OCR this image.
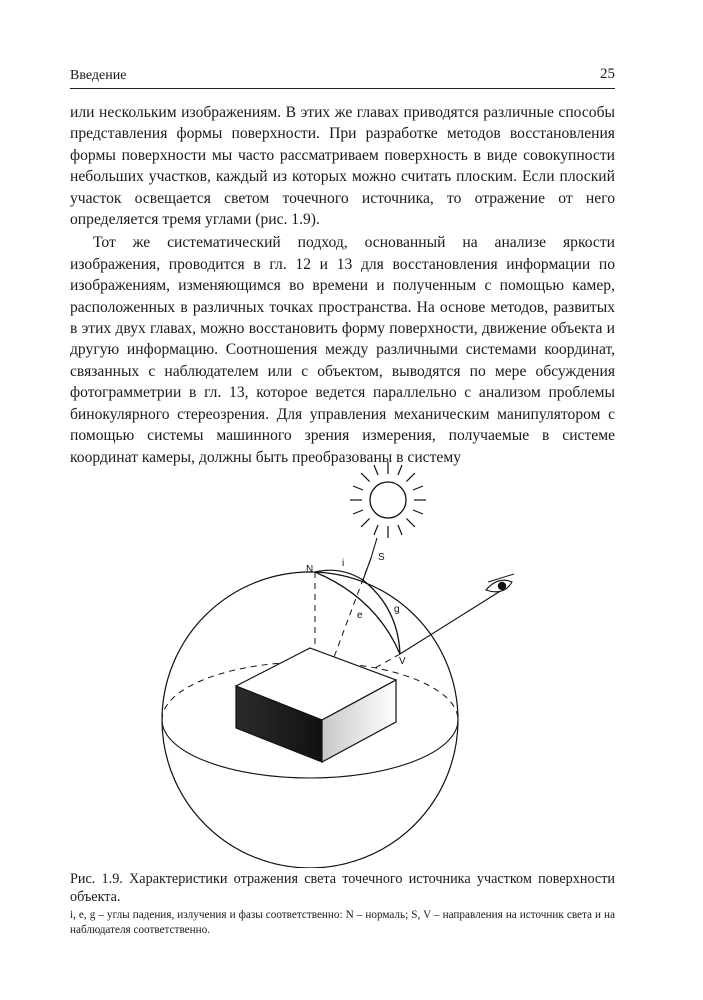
Введение	25

или нескольким изображениям. В этих же главах приводятся различные способы представления формы поверхности. При разработке методов восстановления формы поверхности мы часто рассматриваем поверхность в виде совокупности небольших участков, каждый из которых можно считать плоским. Если плоский участок освещается светом точечного источника, то отражение от него определяется тремя углами (рис. 1.9).

Тот же систематический подход, основанный на анализе яркости изображения, проводится в гл. 12 и 13 для восстановления информации по изображениям, изменяющимся во времени и полученным с помощью камер, расположенных в различных точках пространства. На основе методов, развитых в этих двух главах, можно восстановить форму поверхности, движение объекта и другую информацию. Соотношения между различными системами координат, связанных с наблюдателем или с объектом, выводятся по мере обсуждения фотограмметрии в гл. 13, которое ведется параллельно с анализом проблемы бинокулярного стереозрения. Для управления механическим манипулятором с помощью системы машинного зрения измерения, получаемые в системе координат камеры, должны быть преобразованы в систему

N
S
V
i
e
g

Рис. 1.9. Характеристики отражения света точечного источника участком поверхности объекта.

i, e, g – углы падения, излучения и фазы соответственно: N – нормаль; S, V – направления на источник света и на наблюдателя соответственно.
